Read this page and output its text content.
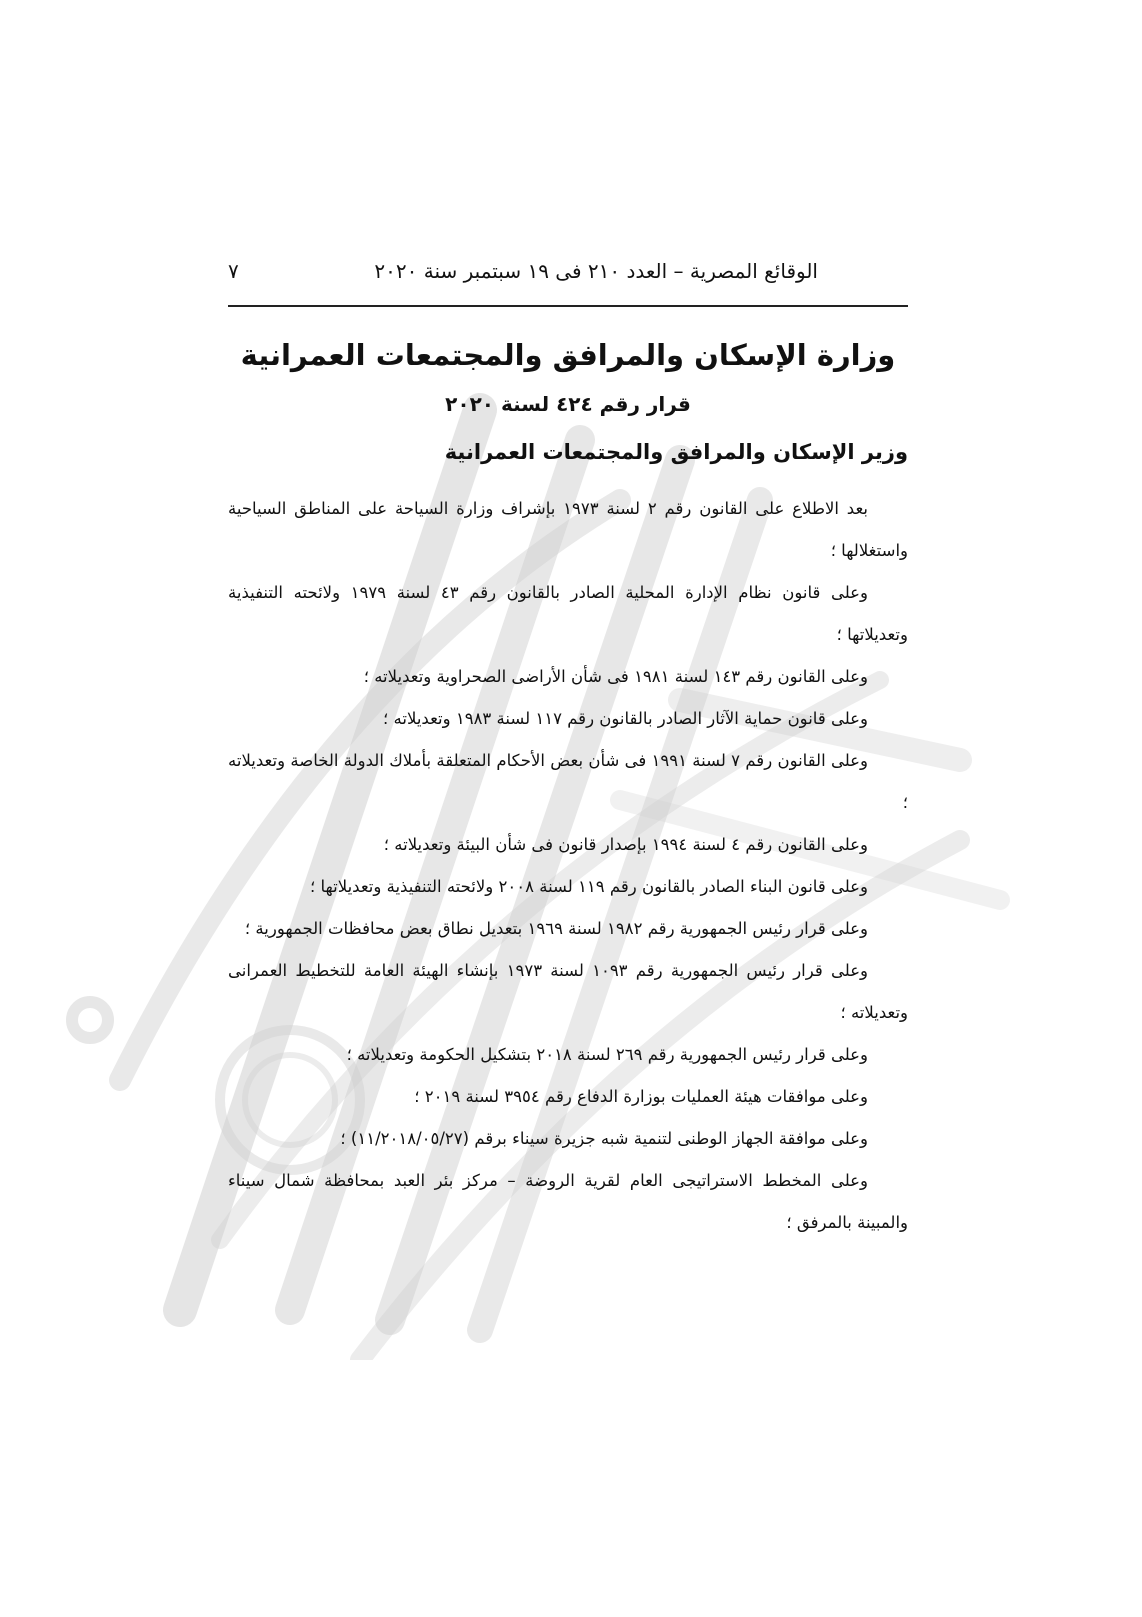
الوقائع المصرية – العدد ٢١٠ فى ١٩ سبتمبر سنة ٢٠٢٠
٧
وزارة الإسكان والمرافق والمجتمعات العمرانية
قرار رقم ٤٢٤ لسنة ٢٠٢٠
وزير الإسكان والمرافق والمجتمعات العمرانية

بعد الاطلاع على القانون رقم ٢ لسنة ١٩٧٣ بإشراف وزارة السياحة على المناطق السياحية واستغلالها ؛

وعلى قانون نظام الإدارة المحلية الصادر بالقانون رقم ٤٣ لسنة ١٩٧٩ ولائحته التنفيذية وتعديلاتها ؛

وعلى القانون رقم ١٤٣ لسنة ١٩٨١ فى شأن الأراضى الصحراوية وتعديلاته ؛

وعلى قانون حماية الآثار الصادر بالقانون رقم ١١٧ لسنة ١٩٨٣ وتعديلاته ؛

وعلى القانون رقم ٧ لسنة ١٩٩١ فى شأن بعض الأحكام المتعلقة بأملاك الدولة الخاصة وتعديلاته ؛

وعلى القانون رقم ٤ لسنة ١٩٩٤ بإصدار قانون فى شأن البيئة وتعديلاته ؛

وعلى قانون البناء الصادر بالقانون رقم ١١٩ لسنة ٢٠٠٨ ولائحته التنفيذية وتعديلاتها ؛

وعلى قرار رئيس الجمهورية رقم ١٩٨٢ لسنة ١٩٦٩ بتعديل نطاق بعض محافظات الجمهورية ؛

وعلى قرار رئيس الجمهورية رقم ١٠٩٣ لسنة ١٩٧٣ بإنشاء الهيئة العامة للتخطيط العمرانى وتعديلاته ؛

وعلى قرار رئيس الجمهورية رقم ٢٦٩ لسنة ٢٠١٨ بتشكيل الحكومة وتعديلاته ؛

وعلى موافقات هيئة العمليات بوزارة الدفاع رقم ٣٩٥٤ لسنة ٢٠١٩ ؛

وعلى موافقة الجهاز الوطنى لتنمية شبه جزيرة سيناء برقم (١١/٢٠١٨/٠٥/٢٧) ؛

وعلى المخطط الاستراتيجى العام لقرية الروضة – مركز بئر العبد بمحافظة شمال سيناء والمبينة بالمرفق ؛
